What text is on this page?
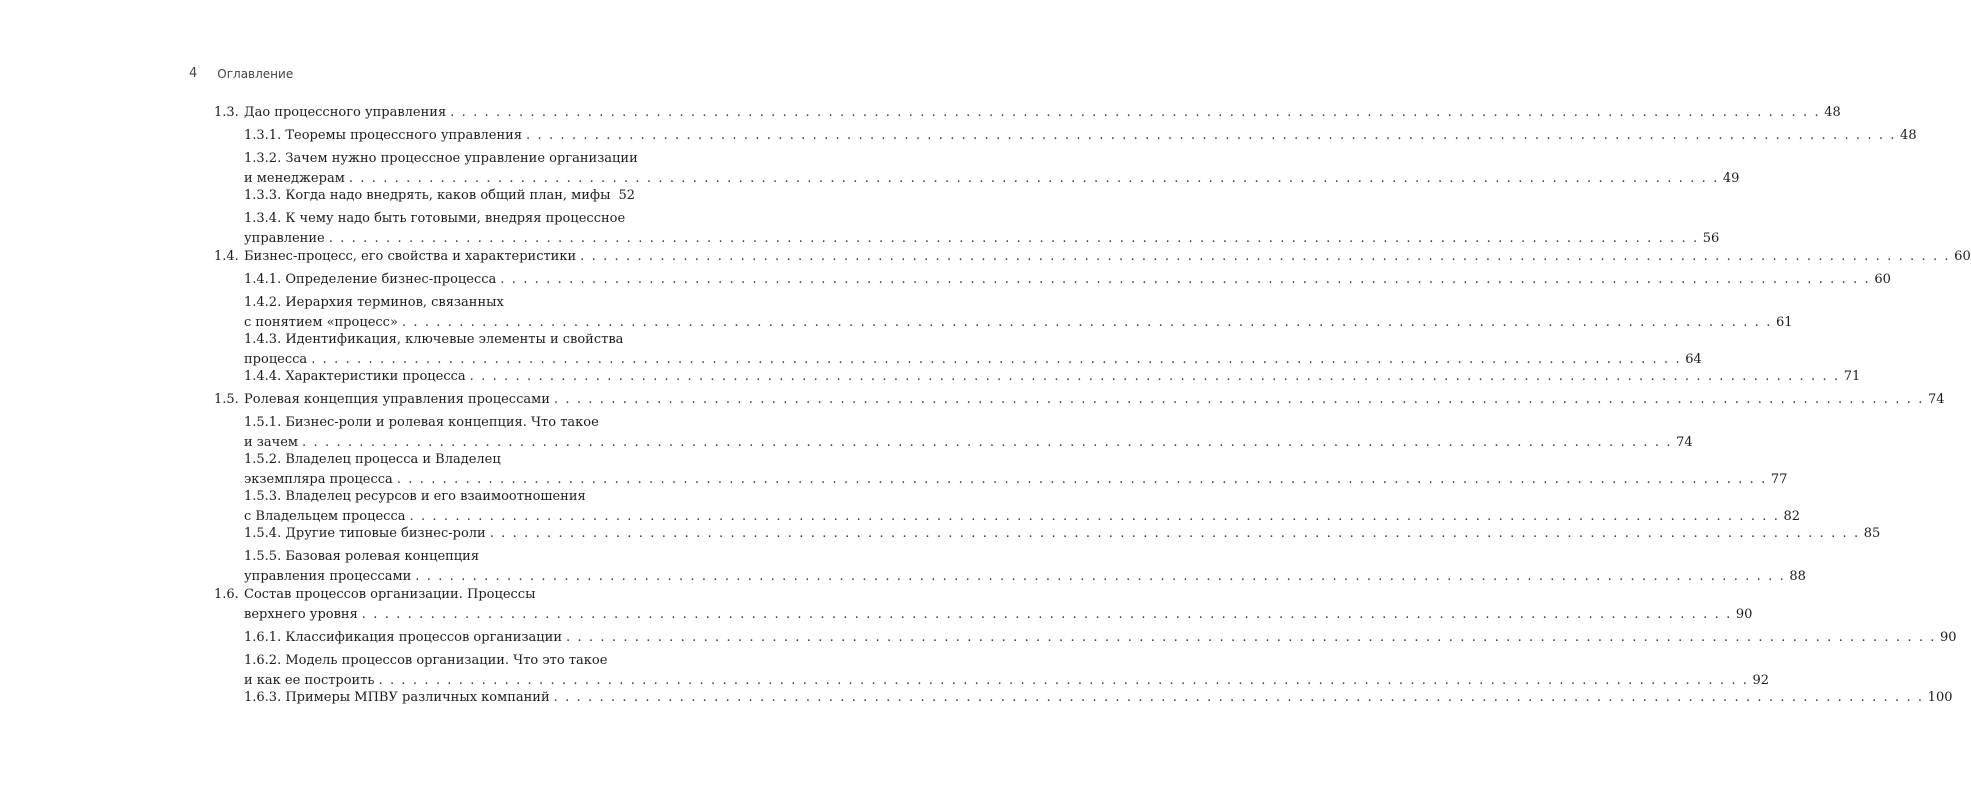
4 Оглавление
1.3. Дао процессного управления . . . . . . . . . . . . . . . . . . . . . . . . . . . . . . . . . . . . . . . . . . . . . . . . . . . . . . . . . . . . . . . . . . . . . . . . . . . . . . . . . . . . . . . . . . . . . . . . . . . . . . . . . . . . . . . . . . . . . . . . 48
1.3.1. Теоремы процессного управления . . . . . . . . . . . . . . . . . . . . . . . . . . . . . . . . . . . . . . . . . . . . . . . . . . . . . . . . . . . . . . . . . . . . . . . . . . . . . . . . . . . . . . . . . . . . . . . . . . . . . . . . . . . . . . . . . . . . . . . . 48
1.3.2. Зачем нужно процессное управление организации
и менеджерам . . . . . . . . . . . . . . . . . . . . . . . . . . . . . . . . . . . . . . . . . . . . . . . . . . . . . . . . . . . . . . . . . . . . . . . . . . . . . . . . . . . . . . . . . . . . . . . . . . . . . . . . . . . . . . . . . . . . . . . . 49
1.3.3. Когда надо внедрять, каков общий план, мифы 52
1.3.4. К чему надо быть готовыми, внедряя процессное
управление . . . . . . . . . . . . . . . . . . . . . . . . . . . . . . . . . . . . . . . . . . . . . . . . . . . . . . . . . . . . . . . . . . . . . . . . . . . . . . . . . . . . . . . . . . . . . . . . . . . . . . . . . . . . . . . . . . . . . . . . 56
1.4. Бизнес-процесс, его свойства и характеристики . . . . . . . . . . . . . . . . . . . . . . . . . . . . . . . . . . . . . . . . . . . . . . . . . . . . . . . . . . . . . . . . . . . . . . . . . . . . . . . . . . . . . . . . . . . . . . . . . . . . . . . . . . . . . . . . . . . . . . . . 60
1.4.1. Определение бизнес-процесса . . . . . . . . . . . . . . . . . . . . . . . . . . . . . . . . . . . . . . . . . . . . . . . . . . . . . . . . . . . . . . . . . . . . . . . . . . . . . . . . . . . . . . . . . . . . . . . . . . . . . . . . . . . . . . . . . . . . . . . . 60
1.4.2. Иерархия терминов, связанных
с понятием «процесс» . . . . . . . . . . . . . . . . . . . . . . . . . . . . . . . . . . . . . . . . . . . . . . . . . . . . . . . . . . . . . . . . . . . . . . . . . . . . . . . . . . . . . . . . . . . . . . . . . . . . . . . . . . . . . . . . . . . . . . . . 61
1.4.3. Идентификация, ключевые элементы и свойства
процесса . . . . . . . . . . . . . . . . . . . . . . . . . . . . . . . . . . . . . . . . . . . . . . . . . . . . . . . . . . . . . . . . . . . . . . . . . . . . . . . . . . . . . . . . . . . . . . . . . . . . . . . . . . . . . . . . . . . . . . . . 64
1.4.4. Характеристики процесса . . . . . . . . . . . . . . . . . . . . . . . . . . . . . . . . . . . . . . . . . . . . . . . . . . . . . . . . . . . . . . . . . . . . . . . . . . . . . . . . . . . . . . . . . . . . . . . . . . . . . . . . . . . . . . . . . . . . . . . . 71
1.5. Ролевая концепция управления процессами . . . . . . . . . . . . . . . . . . . . . . . . . . . . . . . . . . . . . . . . . . . . . . . . . . . . . . . . . . . . . . . . . . . . . . . . . . . . . . . . . . . . . . . . . . . . . . . . . . . . . . . . . . . . . . . . . . . . . . . . 74
1.5.1. Бизнес-роли и ролевая концепция. Что такое
и зачем . . . . . . . . . . . . . . . . . . . . . . . . . . . . . . . . . . . . . . . . . . . . . . . . . . . . . . . . . . . . . . . . . . . . . . . . . . . . . . . . . . . . . . . . . . . . . . . . . . . . . . . . . . . . . . . . . . . . . . . . 74
1.5.2. Владелец процесса и Владелец
экземпляра процесса . . . . . . . . . . . . . . . . . . . . . . . . . . . . . . . . . . . . . . . . . . . . . . . . . . . . . . . . . . . . . . . . . . . . . . . . . . . . . . . . . . . . . . . . . . . . . . . . . . . . . . . . . . . . . . . . . . . . . . . . 77
1.5.3. Владелец ресурсов и его взаимоотношения
с Владельцем процесса . . . . . . . . . . . . . . . . . . . . . . . . . . . . . . . . . . . . . . . . . . . . . . . . . . . . . . . . . . . . . . . . . . . . . . . . . . . . . . . . . . . . . . . . . . . . . . . . . . . . . . . . . . . . . . . . . . . . . . . . 82
1.5.4. Другие типовые бизнес-роли . . . . . . . . . . . . . . . . . . . . . . . . . . . . . . . . . . . . . . . . . . . . . . . . . . . . . . . . . . . . . . . . . . . . . . . . . . . . . . . . . . . . . . . . . . . . . . . . . . . . . . . . . . . . . . . . . . . . . . . . 85
1.5.5. Базовая ролевая концепция
управления процессами . . . . . . . . . . . . . . . . . . . . . . . . . . . . . . . . . . . . . . . . . . . . . . . . . . . . . . . . . . . . . . . . . . . . . . . . . . . . . . . . . . . . . . . . . . . . . . . . . . . . . . . . . . . . . . . . . . . . . . . . 88
1.6. Состав процессов организации. Процессы
верхнего уровня . . . . . . . . . . . . . . . . . . . . . . . . . . . . . . . . . . . . . . . . . . . . . . . . . . . . . . . . . . . . . . . . . . . . . . . . . . . . . . . . . . . . . . . . . . . . . . . . . . . . . . . . . . . . . . . . . . . . . . . . 90
1.6.1. Классификация процессов организации . . . . . . . . . . . . . . . . . . . . . . . . . . . . . . . . . . . . . . . . . . . . . . . . . . . . . . . . . . . . . . . . . . . . . . . . . . . . . . . . . . . . . . . . . . . . . . . . . . . . . . . . . . . . . . . . . . . . . . . . 90
1.6.2. Модель процессов организации. Что это такое
и как ее построить . . . . . . . . . . . . . . . . . . . . . . . . . . . . . . . . . . . . . . . . . . . . . . . . . . . . . . . . . . . . . . . . . . . . . . . . . . . . . . . . . . . . . . . . . . . . . . . . . . . . . . . . . . . . . . . . . . . . . . . . 92
1.6.3. Примеры МПВУ различных компаний . . . . . . . . . . . . . . . . . . . . . . . . . . . . . . . . . . . . . . . . . . . . . . . . . . . . . . . . . . . . . . . . . . . . . . . . . . . . . . . . . . . . . . . . . . . . . . . . . . . . . . . . . . . . . . . . . . . . . . . . 100
